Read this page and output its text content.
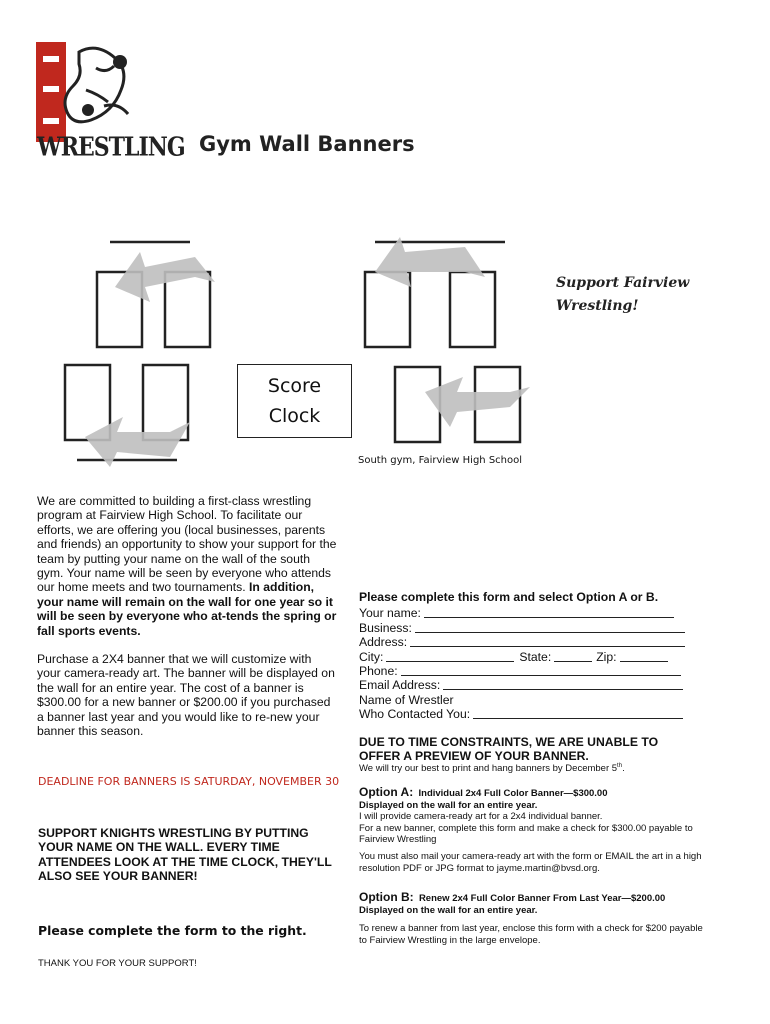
WRESTLING Gym Wall Banners
Support Fairview
Wrestling!
Score
Clock
South gym, Fairview High School

We are committed to building a first-class wrestling program at Fairview High School. To facilitate our efforts, we are offering you (local businesses, parents and friends) an opportunity to show your support for the team by putting your name on the wall of the south gym. Your name will be seen by everyone who attends our home meets and two tournaments. In addition, your name will remain on the wall for one year so it will be seen by everyone who at-tends the spring or fall sports events.

Purchase a 2X4 banner that we will customize with your camera-ready art. The banner will be displayed on the wall for an entire year. The cost of a banner is $300.00 for a new banner or $200.00 if you purchased a banner last year and you would like to re-new your banner this season.

DEADLINE FOR BANNERS IS SATURDAY, NOVEMBER 30
SUPPORT KNIGHTS WRESTLING BY PUTTING YOUR NAME ON THE WALL. EVERY TIME ATTENDEES LOOK AT THE TIME CLOCK, THEY'LL ALSO SEE YOUR BANNER!
Please complete the form to the right.
THANK YOU FOR YOUR SUPPORT!
Please complete this form and select Option A or B.
Your name:
Business:
Address:
City:	State:	Zip:
Phone:
Email Address:
Name of Wrestler
Who Contacted You:
DUE TO TIME CONSTRAINTS, WE ARE UNABLE TO OFFER A PREVIEW OF YOUR BANNER.
We will try our best to print and hang banners by December 5th.
Option A: Individual 2x4 Full Color Banner—$300.00
Displayed on the wall for an entire year.
I will provide camera-ready art for a 2x4 individual banner.
For a new banner, complete this form and make a check for $300.00 payable to Fairview Wrestling
You must also mail your camera-ready art with the form or EMAIL the art in a high resolution PDF or JPG format to jayme.martin@bvsd.org.
Option B: Renew 2x4 Full Color Banner From Last Year—$200.00
Displayed on the wall for an entire year.
To renew a banner from last year, enclose this form with a check for $200 payable to Fairview Wrestling in the large envelope.
